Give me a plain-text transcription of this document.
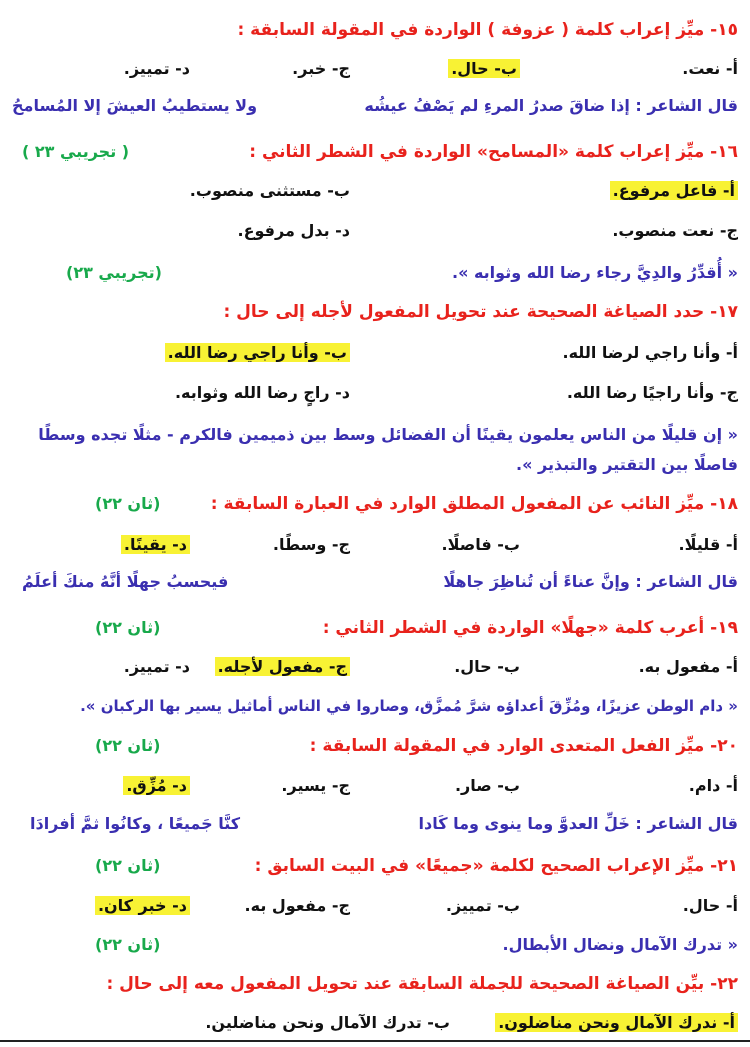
١٥- ميِّز إعراب كلمة ( عزوفة ) الواردة في المقولة السابقة :
أ- نعت.
ب- حال.
ج- خبر.
د- تمييز.
قال الشاعر : إذا ضاقَ صدرُ المرءِ لم يَصْفُ عيشُه
ولا يستطيبُ العيشَ إلا المُسامحُ
١٦- ميِّز إعراب كلمة «المسامح» الواردة في الشطر الثاني :
( تجريبي ٢٣ )
أ- فاعل مرفوع.
ب- مستثنى منصوب.
ج- نعت منصوب.
د- بدل مرفوع.
« أُقدِّرُ والدِيَّ رجاء رضا الله وثوابه ».
(تجريبي ٢٣)
١٧- حدد الصياغة الصحيحة عند تحويل المفعول لأجله إلى حال :
أ- وأنا راجي لرضا الله.
ب- وأنا راجي رضا الله.
ج- وأنا راجيًا رضا الله.
د- راجٍ رضا الله وثوابه.
« إن قليلًا من الناس يعلمون يقينًا أن الفضائل وسط بين ذميمين فالكرم - مثلًا تجده وسطًا
فاصلًا بين التقتير والتبذير ».
١٨- ميِّز النائب عن المفعول المطلق الوارد في العبارة السابقة :
(ثان ٢٢)
أ- قليلًا.
ب- فاصلًا.
ج- وسطًا.
د- يقينًا.
قال الشاعر : وإنَّ عناءً أن تُناظِرَ جاهلًا
فيحسبُ جهلًا أنَّهُ منكَ أعلَمُ
١٩- أعرب كلمة «جهلًا» الواردة في الشطر الثاني :
(ثان ٢٢)
أ- مفعول به.
ب- حال.
ج- مفعول لأجله.
د- تمييز.
« دام الوطن عزيزًا، ومُزِّقَ أعداؤه شرَّ مُمزَّق، وصاروا في الناس أماثيل يسير بها الركبان ».
٢٠- ميِّز الفعل المتعدى الوارد في المقولة السابقة :
(ثان ٢٢)
أ- دام.
ب- صار.
ج- يسير.
د- مُزِّق.
قال الشاعر : خَلِّ العدوَّ وما ينوى وما كَادا
كنَّا جَميعًا ، وكانُوا ثمَّ أفرادَا
٢١- ميِّز الإعراب الصحيح لكلمة «جميعًا» في البيت السابق :
(ثان ٢٢)
أ- حال.
ب- تمييز.
ج- مفعول به.
د- خبر كان.
« تدرك الآمال ونضال الأبطال.
(ثان ٢٢)
٢٢- بيِّن الصياغة الصحيحة للجملة السابقة عند تحويل المفعول معه إلى حال :
أ- ندرك الآمال ونحن مناضلون.
ب- تدرك الآمال ونحن مناضلين.
